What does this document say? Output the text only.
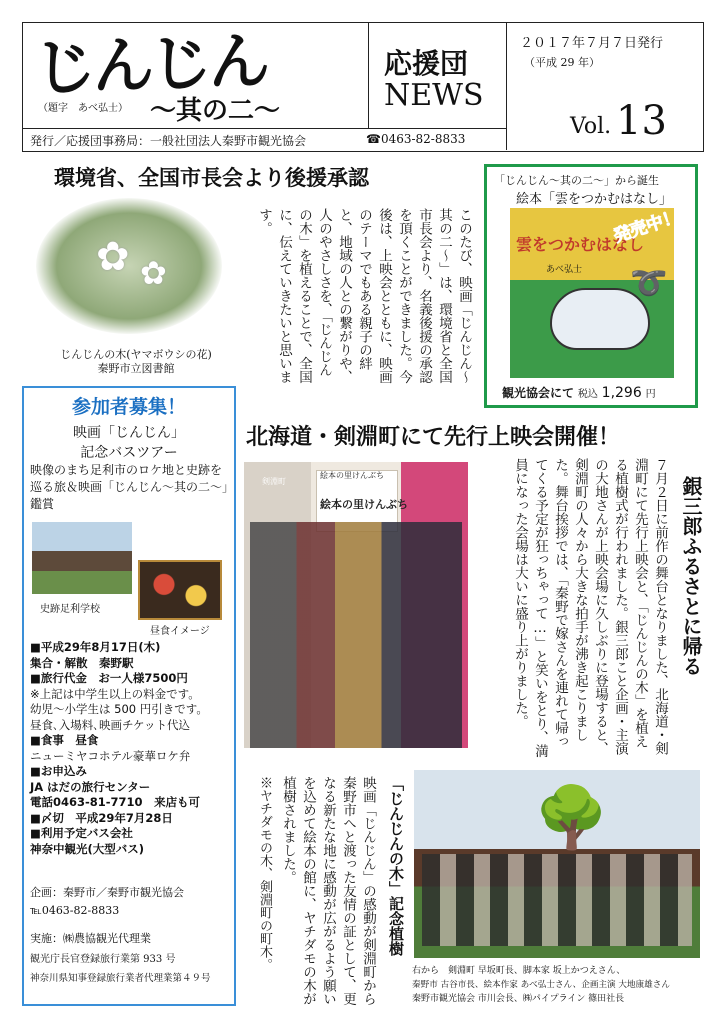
じんじん
（題字　あべ弘士） 〜其の二〜
応援団
NEWS
２０１７年７月７日発行
（平成 29 年）
Vol. 13
発行／応援団事務局：一般社団法人秦野市観光協会	☎0463-82-8833
環境省、全国市長会より後援承認
✿ ✿
じんじんの木(ヤマボウシの花)
秦野市立図書館	このたび、映画「じんじん〜其の二〜」は、環境省と全国市長会より、名義後援の承認を頂くことができました。今後は、上映会とともに、映画のテーマでもある親子の絆と、地域の人との繋がりや、人のやさしさを、「じんじんの木」を植えることで、全国に、伝えていきたいと思います。
「じんじん〜其の二〜」から誕生
絵本「雲をつかむはなし」
➰
雲をつかむはなし
あべ弘士
発売中！
観光協会にて 税込 1,296 円
参加者募集！
映画「じんじん」
記念バスツアー
映像のまち足利市のロケ地と史跡を巡る旅＆映画「じんじん〜其の二〜」鑑賞
史跡足利学校
昼食イメージ
■平成29年8月17日(木)
集合・解散　秦野駅
■旅行代金　お一人様7500円
※上記は中学生以上の料金です。
幼児〜小学生は 500 円引きです。
昼食､入場料､映画チケット代込
■食事　昼食
ニューミヤコホテル豪華ロケ弁
■お申込み
JA はだの旅行センター
電話0463-81-7710　来店も可
■〆切　平成29年7月28日
■利用予定バス会社
神奈中観光(大型バス)
企画：秦野市／秦野市観光協会
℡0463-82-8833
実施：㈱農協観光代理業
観光庁長官登録旅行業第 933 号
神奈川県知事登録旅行業者代理業第４９号
北海道・剣淵町にて先行上映会開催！
絵本の里けんぶち
剣淵町
絵本の里けんぶち	銀三郎ふるさとに帰る
７月２日に前作の舞台となりました、北海道・剣淵町にて先行上映会と、「じんじんの木」を植える植樹式が行われました。銀三郎こと企画・主演の大地さんが上映会場に久しぶりに登場すると、剣淵町の人々から大きな拍手が沸き起こりました。舞台挨拶では、「秦野で嫁さんを連れて帰ってくる予定が狂っちゃって…」と笑いをとり、満員になった会場は大いに盛り上がりました。
「じんじんの木」記念植樹
映画「じんじん」の感動が剣淵町から秦野市へと渡った友情の証として、更なる新たな地に感動が広がるよう願いを込めて絵本の館に、ヤチダモの木が植樹されました。
※ヤチダモの木、剣淵町の町木。	🌳
右から　剣淵町 早坂町長、脚本家 坂上かつえさん、
秦野市 古谷市長、絵本作家 あべ弘士さん、企画主演 大地康雄さん
秦野市観光協会 市川会長、㈱パイプライン 篠田社長
